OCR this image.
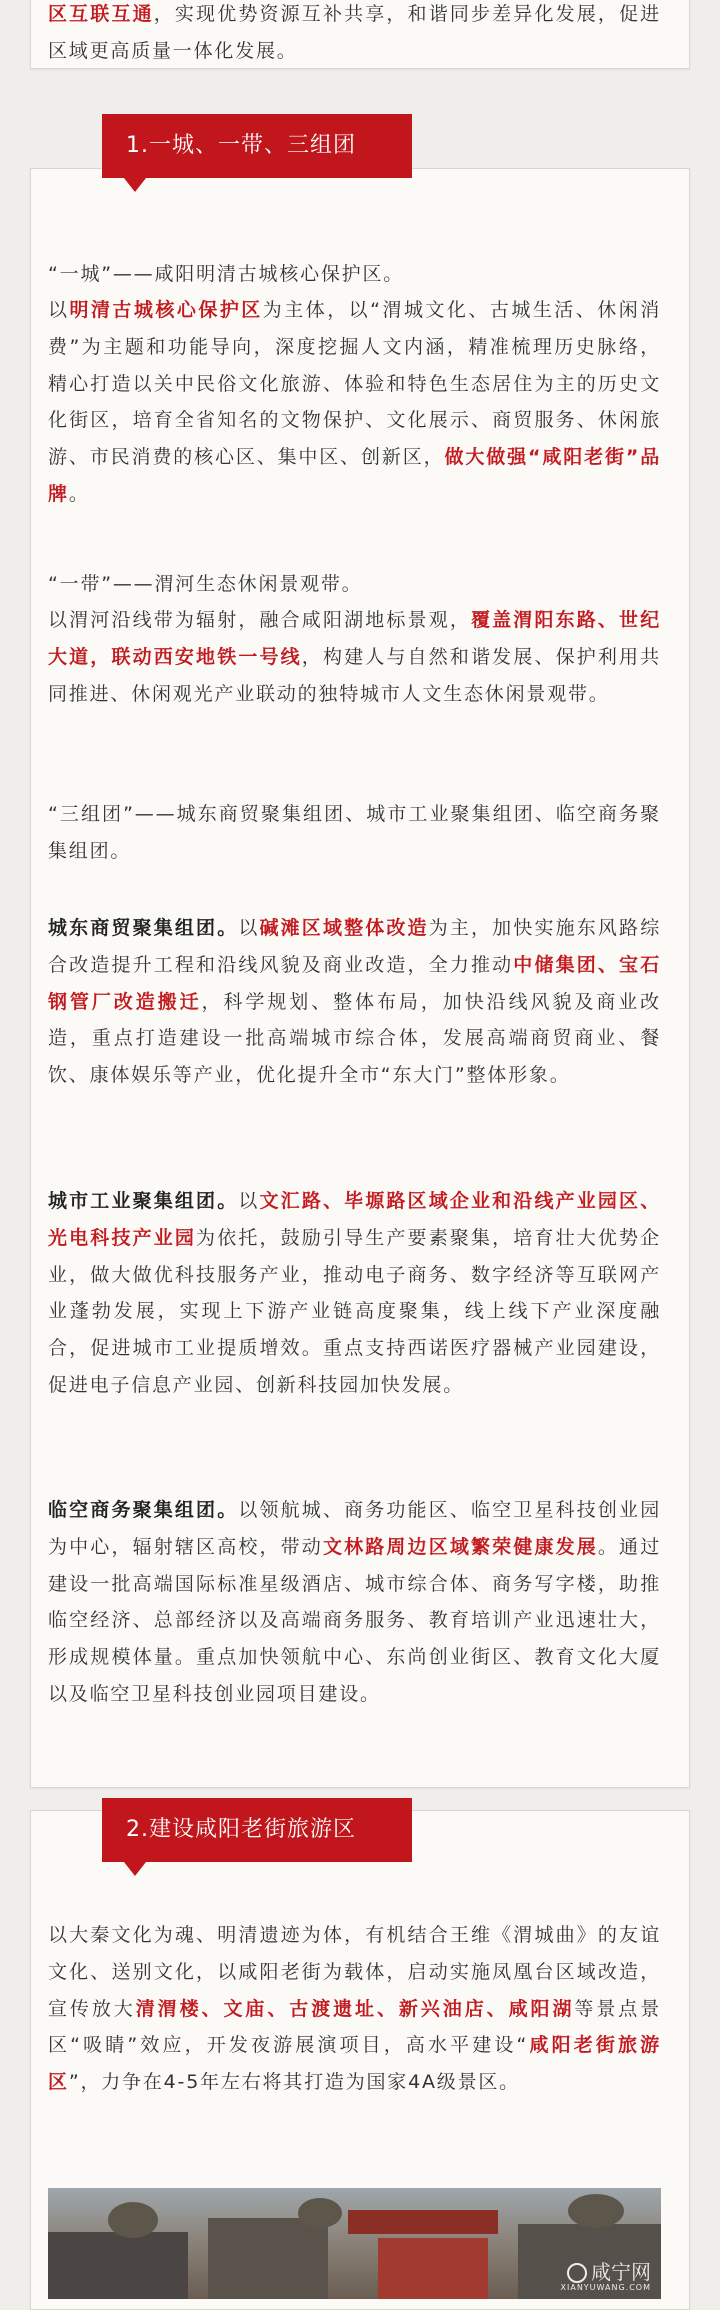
区互联互通，实现优势资源互补共享，和谐同步差异化发展，促进区域更高质量一体化发展。

1.一城、一带、三组团

“一城”——咸阳明清古城核心保护区。

以明清古城核心保护区为主体，以“渭城文化、古城生活、休闲消费”为主题和功能导向，深度挖掘人文内涵，精准梳理历史脉络，精心打造以关中民俗文化旅游、体验和特色生态居住为主的历史文化街区，培育全省知名的文物保护、文化展示、商贸服务、休闲旅游、市民消费的核心区、集中区、创新区，做大做强“咸阳老街”品牌。

“一带”——渭河生态休闲景观带。

以渭河沿线带为辐射，融合咸阳湖地标景观，覆盖渭阳东路、世纪大道，联动西安地铁一号线，构建人与自然和谐发展、保护利用共同推进、休闲观光产业联动的独特城市人文生态休闲景观带。

“三组团”——城东商贸聚集组团、城市工业聚集组团、临空商务聚集组团。

城东商贸聚集组团。以碱滩区域整体改造为主，加快实施东风路综合改造提升工程和沿线风貌及商业改造，全力推动中储集团、宝石钢管厂改造搬迁，科学规划、整体布局，加快沿线风貌及商业改造，重点打造建设一批高端城市综合体，发展高端商贸商业、餐饮、康体娱乐等产业，优化提升全市“东大门”整体形象。

城市工业聚集组团。以文汇路、毕塬路区域企业和沿线产业园区、光电科技产业园为依托，鼓励引导生产要素聚集，培育壮大优势企业，做大做优科技服务产业，推动电子商务、数字经济等互联网产业蓬勃发展，实现上下游产业链高度聚集，线上线下产业深度融合，促进城市工业提质增效。重点支持西诺医疗器械产业园建设，促进电子信息产业园、创新科技园加快发展。

临空商务聚集组团。以领航城、商务功能区、临空卫星科技创业园为中心，辐射辖区高校，带动文林路周边区域繁荣健康发展。通过建设一批高端国际标准星级酒店、城市综合体、商务写字楼，助推临空经济、总部经济以及高端商务服务、教育培训产业迅速壮大，形成规模体量。重点加快领航中心、东尚创业街区、教育文化大厦以及临空卫星科技创业园项目建设。

2.建设咸阳老街旅游区

以大秦文化为魂、明清遗迹为体，有机结合王维《渭城曲》的友谊文化、送别文化，以咸阳老街为载体，启动实施凤凰台区域改造，宣传放大清渭楼、文庙、古渡遗址、新兴油店、咸阳湖等景点景区“吸睛”效应，开发夜游展演项目，高水平建设“咸阳老街旅游区”，力争在4-5年左右将其打造为国家4A级景区。

咸宁网
XIANYUWANG.COM
